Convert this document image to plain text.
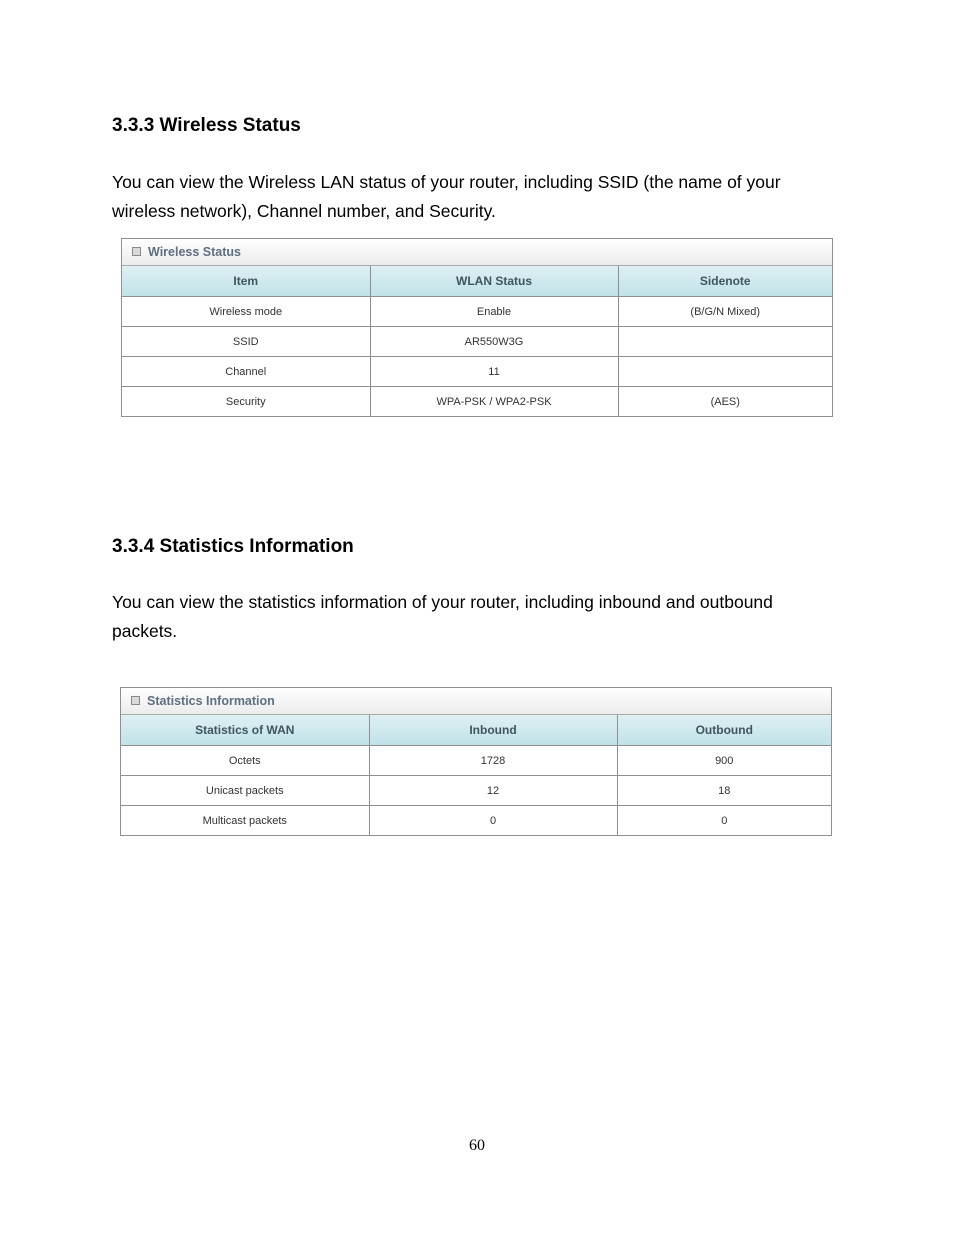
3.3.3 Wireless Status
You can view the Wireless LAN status of your router, including SSID (the name of your wireless network), Channel number, and Security.
Wireless Status
Item	WLAN Status	Sidenote
Wireless mode	Enable	(B/G/N Mixed)
SSID	AR550W3G	
Channel	11	
Security	WPA-PSK / WPA2-PSK	(AES)
3.3.4 Statistics Information
You can view the statistics information of your router, including inbound and outbound packets.
Statistics Information
Statistics of WAN	Inbound	Outbound
Octets	1728	900
Unicast packets	12	18
Multicast packets	0	0
60
